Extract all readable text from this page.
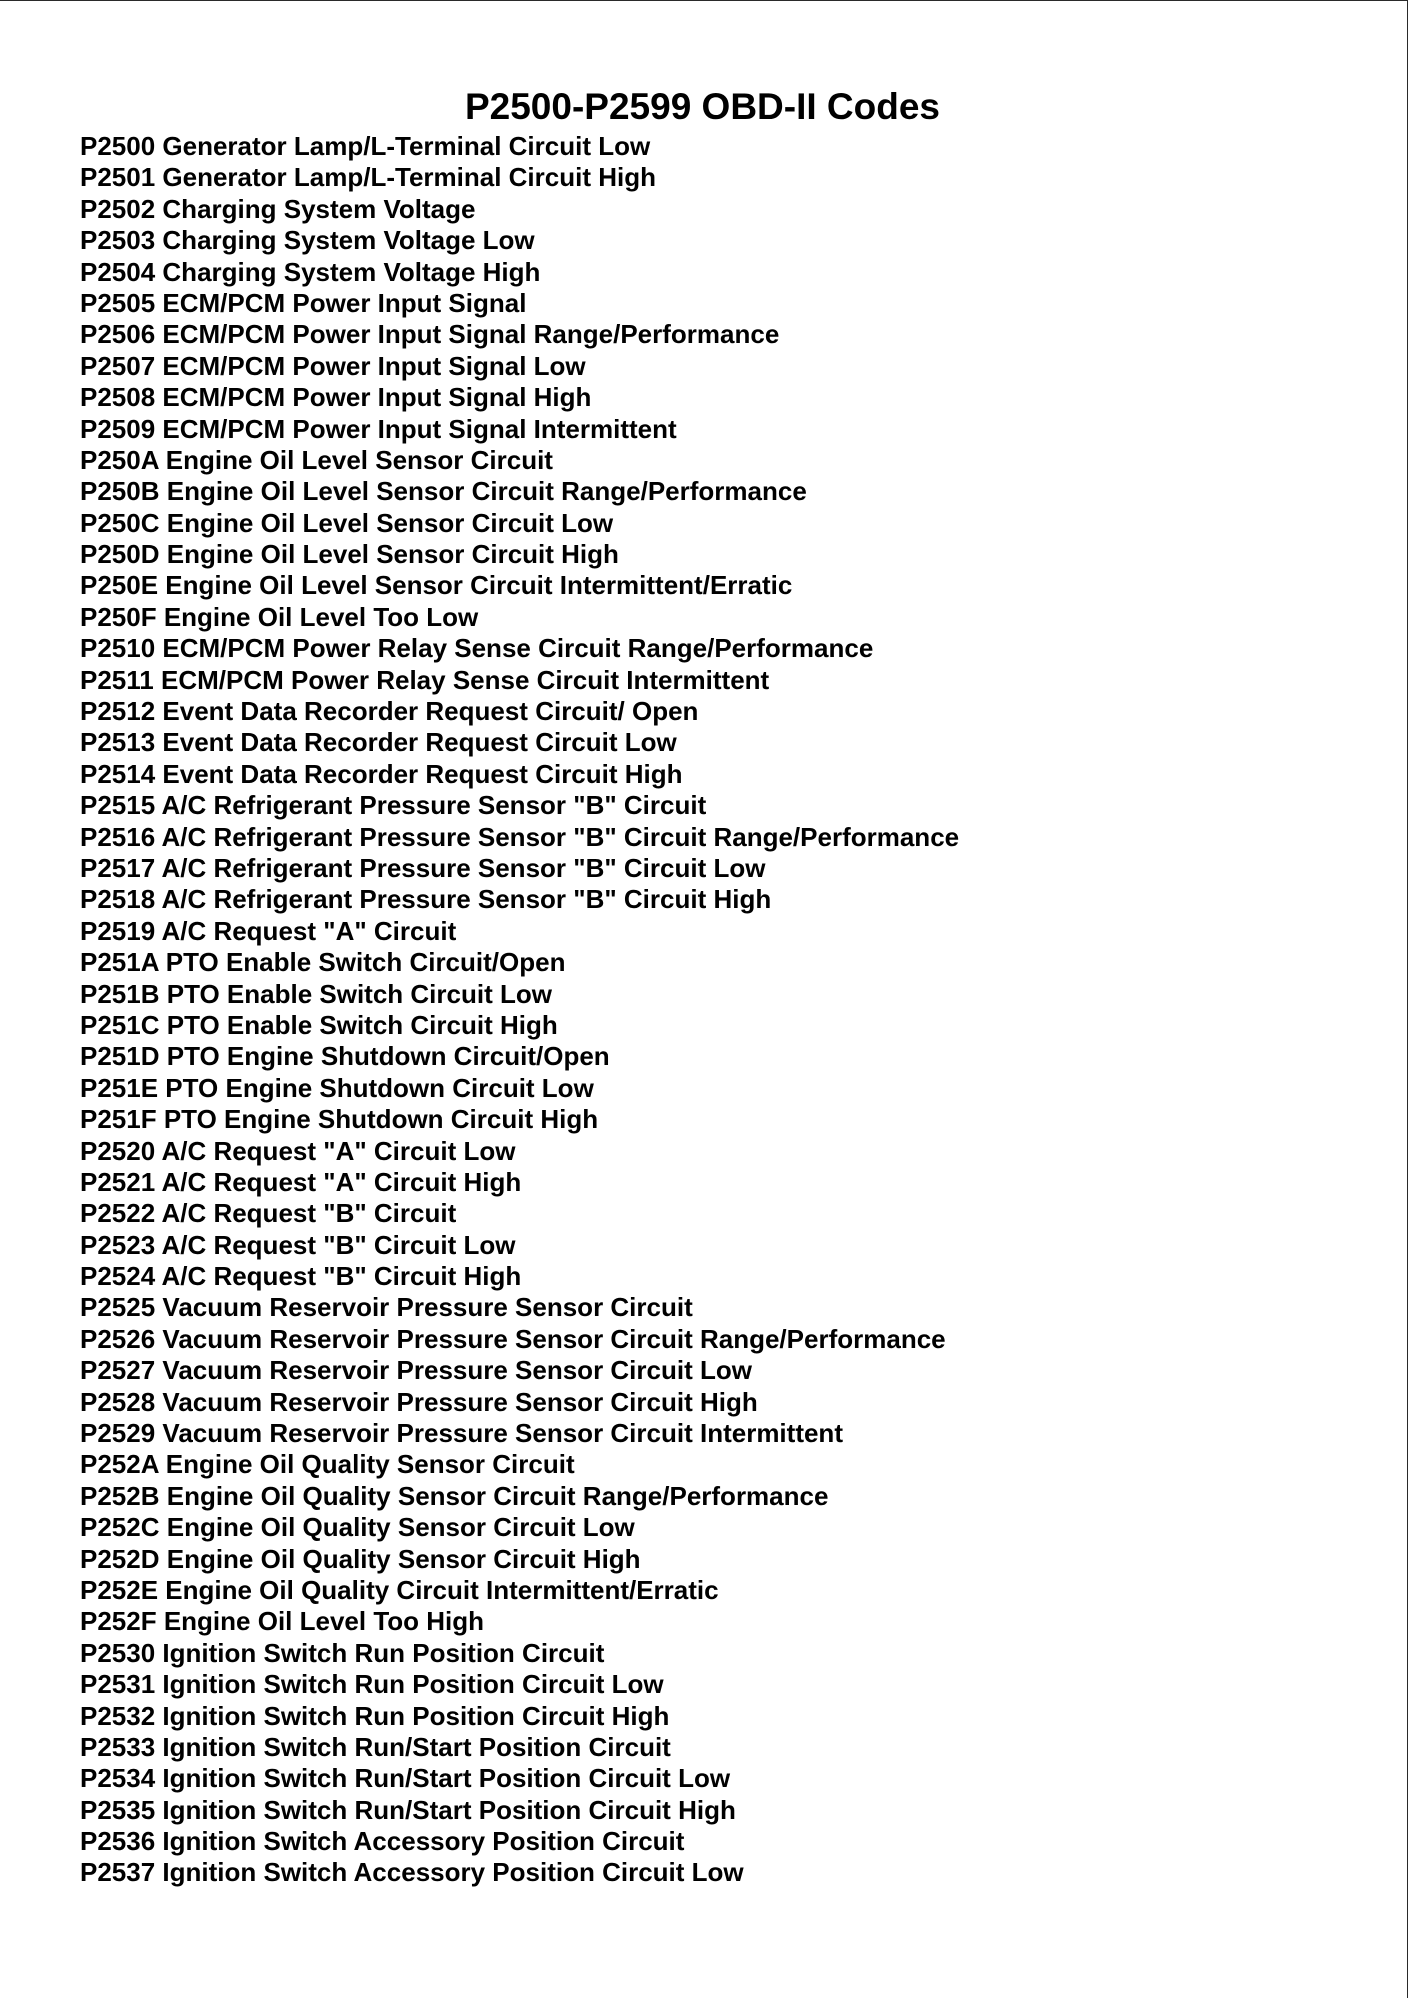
P2500-P2599 OBD-II Codes
P2500 Generator Lamp/L-Terminal Circuit Low
P2501 Generator Lamp/L-Terminal Circuit High
P2502 Charging System Voltage
P2503 Charging System Voltage Low
P2504 Charging System Voltage High
P2505 ECM/PCM Power Input Signal
P2506 ECM/PCM Power Input Signal Range/Performance
P2507 ECM/PCM Power Input Signal Low
P2508 ECM/PCM Power Input Signal High
P2509 ECM/PCM Power Input Signal Intermittent
P250A Engine Oil Level Sensor Circuit
P250B Engine Oil Level Sensor Circuit Range/Performance
P250C Engine Oil Level Sensor Circuit Low
P250D Engine Oil Level Sensor Circuit High
P250E Engine Oil Level Sensor Circuit Intermittent/Erratic
P250F Engine Oil Level Too Low
P2510 ECM/PCM Power Relay Sense Circuit Range/Performance
P2511 ECM/PCM Power Relay Sense Circuit Intermittent
P2512 Event Data Recorder Request Circuit/ Open
P2513 Event Data Recorder Request Circuit Low
P2514 Event Data Recorder Request Circuit High
P2515 A/C Refrigerant Pressure Sensor "B" Circuit
P2516 A/C Refrigerant Pressure Sensor "B" Circuit Range/Performance
P2517 A/C Refrigerant Pressure Sensor "B" Circuit Low
P2518 A/C Refrigerant Pressure Sensor "B" Circuit High
P2519 A/C Request "A" Circuit
P251A PTO Enable Switch Circuit/Open
P251B PTO Enable Switch Circuit Low
P251C PTO Enable Switch Circuit High
P251D PTO Engine Shutdown Circuit/Open
P251E PTO Engine Shutdown Circuit Low
P251F PTO Engine Shutdown Circuit High
P2520 A/C Request "A" Circuit Low
P2521 A/C Request "A" Circuit High
P2522 A/C Request "B" Circuit
P2523 A/C Request "B" Circuit Low
P2524 A/C Request "B" Circuit High
P2525 Vacuum Reservoir Pressure Sensor Circuit
P2526 Vacuum Reservoir Pressure Sensor Circuit Range/Performance
P2527 Vacuum Reservoir Pressure Sensor Circuit Low
P2528 Vacuum Reservoir Pressure Sensor Circuit High
P2529 Vacuum Reservoir Pressure Sensor Circuit Intermittent
P252A Engine Oil Quality Sensor Circuit
P252B Engine Oil Quality Sensor Circuit Range/Performance
P252C Engine Oil Quality Sensor Circuit Low
P252D Engine Oil Quality Sensor Circuit High
P252E Engine Oil Quality Circuit Intermittent/Erratic
P252F Engine Oil Level Too High
P2530 Ignition Switch Run Position Circuit
P2531 Ignition Switch Run Position Circuit Low
P2532 Ignition Switch Run Position Circuit High
P2533 Ignition Switch Run/Start Position Circuit
P2534 Ignition Switch Run/Start Position Circuit Low
P2535 Ignition Switch Run/Start Position Circuit High
P2536 Ignition Switch Accessory Position Circuit
P2537 Ignition Switch Accessory Position Circuit Low
